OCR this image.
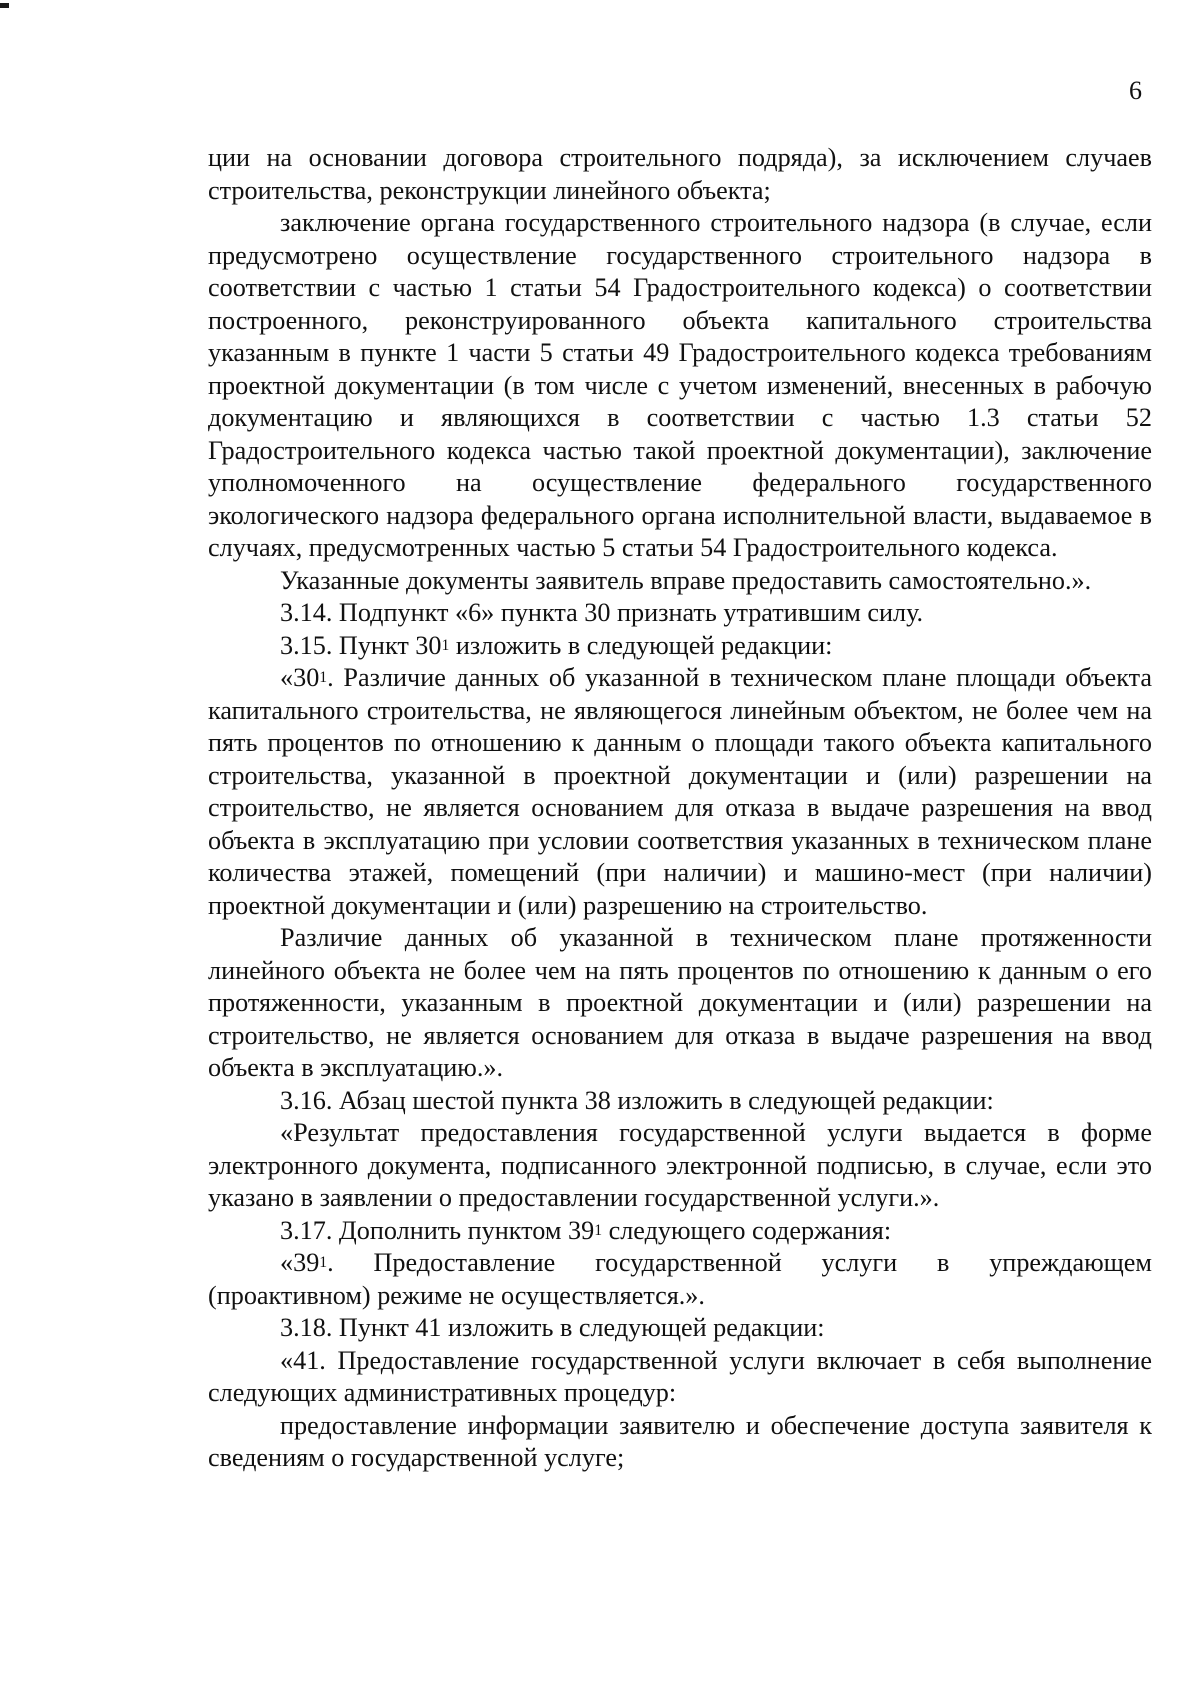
6

ции на основании договора строительного подряда), за исключением случаев строительства, реконструкции линейного объекта;

заключение органа государственного строительного надзора (в случае, если предусмотрено осуществление государственного строительного надзора в соответствии с частью 1 статьи 54 Градостроительного кодекса) о соответствии построенного, реконструированного объекта капитального строительства указанным в пункте 1 части 5 статьи 49 Градостроительного кодекса требованиям проектной документации (в том числе с учетом изменений, внесенных в рабочую документацию и являющихся в соответствии с частью 1.3 статьи 52 Градостроительного кодекса частью такой проектной документации), заключение уполномоченного на осуществление федерального государственного экологического надзора федерального органа исполнительной власти, выдаваемое в случаях, предусмотренных частью 5 статьи 54 Градостроительного кодекса.

Указанные документы заявитель вправе предоставить самостоятельно.».

3.14. Подпункт «6» пункта 30 признать утратившим силу.

3.15. Пункт $30^1$ изложить в следующей редакции:

«$30^1$. Различие данных об указанной в техническом плане площади объекта капитального строительства, не являющегося линейным объектом, не более чем на пять процентов по отношению к данным о площади такого объекта капитального строительства, указанной в проектной документации и (или) разрешении на строительство, не является основанием для отказа в выдаче разрешения на ввод объекта в эксплуатацию при условии соответствия указанных в техническом плане количества этажей, помещений (при наличии) и машино-мест (при наличии) проектной документации и (или) разрешению на строительство.

Различие данных об указанной в техническом плане протяженности линейного объекта не более чем на пять процентов по отношению к данным о его протяженности, указанным в проектной документации и (или) разрешении на строительство, не является основанием для отказа в выдаче разрешения на ввод объекта в эксплуатацию.».

3.16. Абзац шестой пункта 38 изложить в следующей редакции:

«Результат предоставления государственной услуги выдается в форме электронного документа, подписанного электронной подписью, в случае, если это указано в заявлении о предоставлении государственной услуги.».

3.17. Дополнить пунктом $39^1$ следующего содержания:

«$39^1$. Предоставление государственной услуги в упреждающем (проактивном) режиме не осуществляется.».

3.18. Пункт 41 изложить в следующей редакции:

«41. Предоставление государственной услуги включает в себя выполнение следующих административных процедур:

предоставление информации заявителю и обеспечение доступа заявителя к сведениям о государственной услуге;
